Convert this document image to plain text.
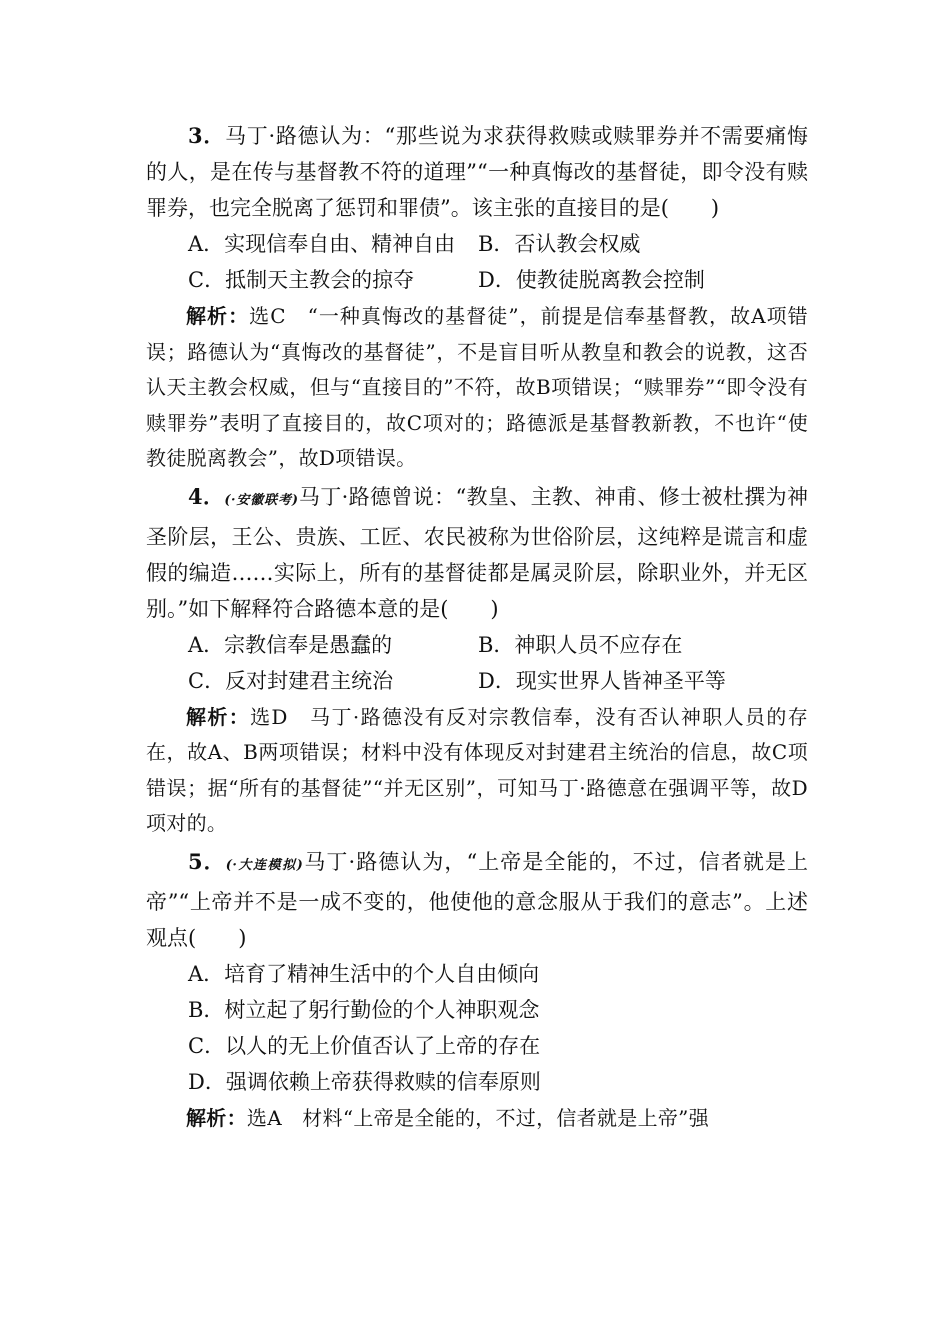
3．马丁·路德认为：“那些说为求获得救赎或赎罪券并不需要痛悔的人，是在传与基督教不符的道理”“一种真悔改的基督徒，即令没有赎罪券，也完全脱离了惩罚和罪债”。该主张的直接目的是(　　)

A．实现信奉自由、精神自由 B．否认教会权威

C．抵制天主教会的掠夺	D．使教徒脱离教会控制

解析：选C　“一种真悔改的基督徒”，前提是信奉基督教，故A项错误；路德认为“真悔改的基督徒”，不是盲目听从教皇和教会的说教，这否认天主教会权威，但与“直接目的”不符，故B项错误；“赎罪券”“即令没有赎罪券”表明了直接目的，故C项对的；路德派是基督教新教，不也许“使教徒脱离教会”，故D项错误。

4．(·安徽联考)马丁·路德曾说：“教皇、主教、神甫、修士被杜撰为神圣阶层，王公、贵族、工匠、农民被称为世俗阶层，这纯粹是谎言和虚假的编造……实际上，所有的基督徒都是属灵阶层，除职业外，并无区别。”如下解释符合路德本意的是(　　)

A．宗教信奉是愚蠢的	B．神职人员不应存在

C．反对封建君主统治	D．现实世界人皆神圣平等

解析：选D　马丁·路德没有反对宗教信奉，没有否认神职人员的存在，故A、B两项错误；材料中没有体现反对封建君主统治的信息，故C项错误；据“所有的基督徒”“并无区别”，可知马丁·路德意在强调平等，故D项对的。

5．(·大连模拟)马丁·路德认为，“上帝是全能的，不过，信者就是上帝”“上帝并不是一成不变的，他使他的意念服从于我们的意志”。上述观点(　　)

A．培育了精神生活中的个人自由倾向

B．树立起了躬行勤俭的个人神职观念

C．以人的无上价值否认了上帝的存在

D．强调依赖上帝获得救赎的信奉原则

解析：选A　材料“上帝是全能的，不过，信者就是上帝”强
